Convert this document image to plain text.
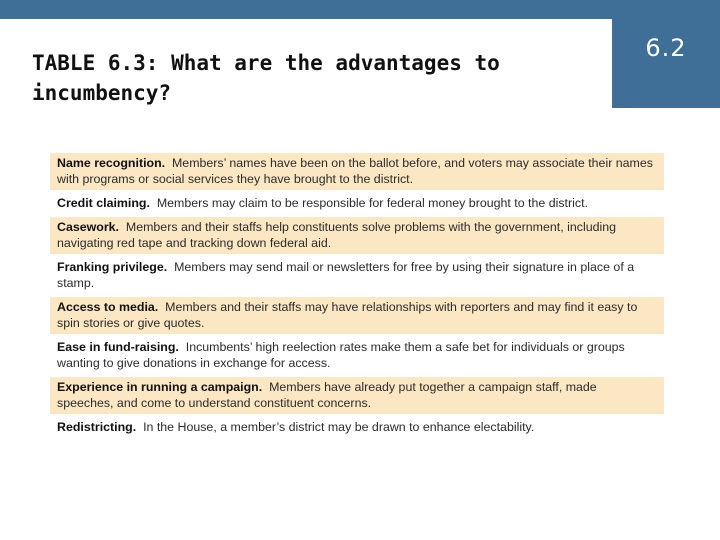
6.2
TABLE 6.3: What are the advantages to incumbency?
Name recognition. Members’ names have been on the ballot before, and voters may associate their names with programs or social services they have brought to the district.
Credit claiming. Members may claim to be responsible for federal money brought to the district.
Casework. Members and their staffs help constituents solve problems with the government, including navigating red tape and tracking down federal aid.
Franking privilege. Members may send mail or newsletters for free by using their signature in place of a stamp.
Access to media. Members and their staffs may have relationships with reporters and may find it easy to spin stories or give quotes.
Ease in fund-raising. Incumbents’ high reelection rates make them a safe bet for individuals or groups wanting to give donations in exchange for access.
Experience in running a campaign. Members have already put together a campaign staff, made speeches, and come to understand constituent concerns.
Redistricting. In the House, a member’s district may be drawn to enhance electability.
